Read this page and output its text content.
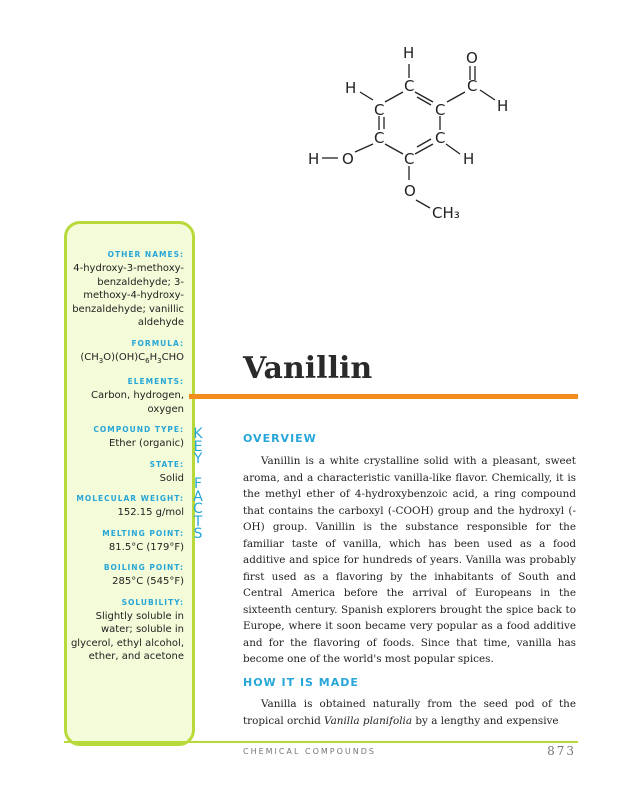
H	O
H	C	C
C	C	H
C	C
H O	C	H
O
CH₃
OTHER NAMES:
4-hydroxy-3-methoxy-benzaldehyde; 3-methoxy-4-hydroxy-benzaldehyde; vanillic aldehyde
FORMULA:
$(CH_3O)(OH)C_6H_3CHO$
ELEMENTS:
Carbon, hydrogen, oxygen
COMPOUND TYPE:
Ether (organic)
STATE:
Solid
MOLECULAR WEIGHT:
152.15 g/mol
MELTING POINT:
81.5°C (179°F)
BOILING POINT:
285°C (545°F)
SOLUBILITY:
Slightly soluble in water; soluble in glycerol, ethyl alcohol, ether, and acetone
K
E
Y
F
A
C
T
S
Vanillin
OVERVIEW
Vanillin is a white crystalline solid with a pleasant, sweet aroma, and a characteristic vanilla-like flavor. Chemically, it is the methyl ether of 4-hydroxybenzoic acid, a ring compound that contains the carboxyl (-COOH) group and the hydroxyl (-OH) group. Vanillin is the substance responsible for the familiar taste of vanilla, which has been used as a food additive and spice for hundreds of years. Vanilla was probably first used as a flavoring by the inhabitants of South and Central America before the arrival of Europeans in the sixteenth century. Spanish explorers brought the spice back to Europe, where it soon became very popular as a food additive and for the flavoring of foods. Since that time, vanilla has become one of the world's most popular spices.
HOW IT IS MADE
Vanilla is obtained naturally from the seed pod of the tropical orchid Vanilla planifolia by a lengthy and expensive
CHEMICAL COMPOUNDS	873
